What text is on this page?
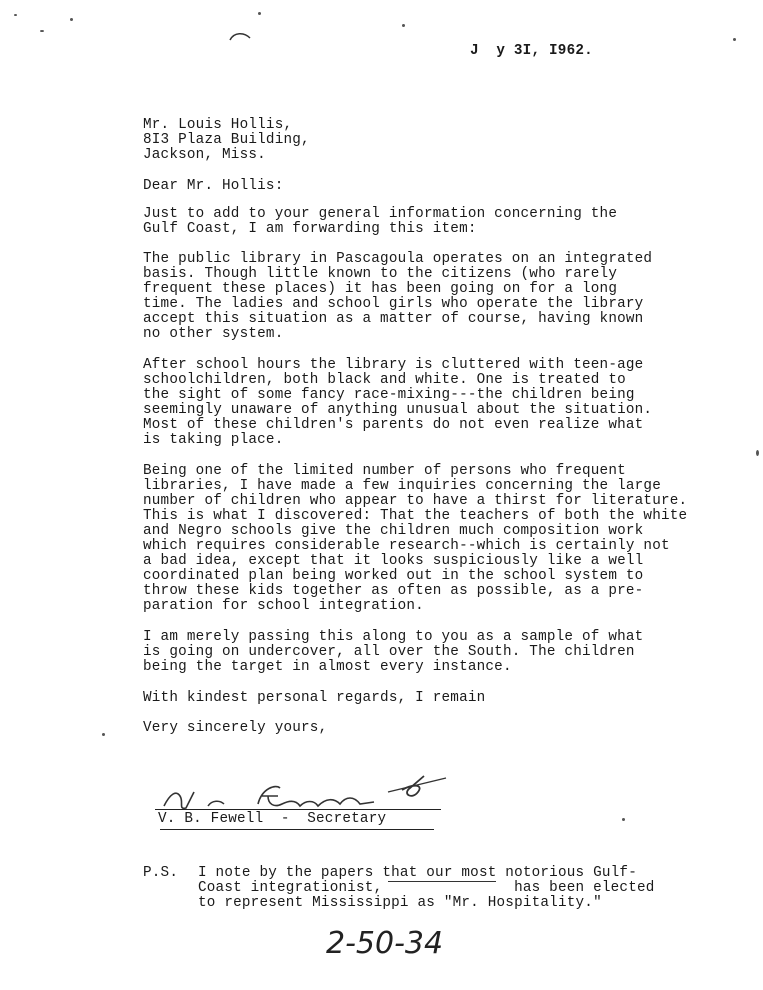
J  y 3I, I962.
Mr. Louis Hollis,
8I3 Plaza Building,
Jackson, Miss.
Dear Mr. Hollis:
Just to add to your general information concerning the
Gulf Coast, I am forwarding this item:
The public library in Pascagoula operates on an integrated
basis. Though little known to the citizens (who rarely
frequent these places) it has been going on for a long
time. The ladies and school girls who operate the library
accept this situation as a matter of course, having known
no other system.
After school hours the library is cluttered with teen-age
schoolchildren, both black and white. One is treated to
the sight of some fancy race-mixing---the children being
seemingly unaware of anything unusual about the situation.
Most of these children's parents do not even realize what
is taking place.
Being one of the limited number of persons who frequent
libraries, I have made a few inquiries concerning the large
number of children who appear to have a thirst for literature.
This is what I discovered: That the teachers of both the white
and Negro schools give the children much composition work
which requires considerable research--which is certainly not
a bad idea, except that it looks suspiciously like a well
coordinated plan being worked out in the school system to
throw these kids together as often as possible, as a pre-
paration for school integration.
I am merely passing this along to you as a sample of what
is going on undercover, all over the South. The children
being the target in almost every instance.
With kindest personal regards, I remain
Very sincerely yours,
V. B. Fewell  -  Secretary
P.S. I note by the papers that our most notorious Gulf-
Coast integrationist,               has been elected
to represent Mississippi as "Mr. Hospitality."
2-50-34
